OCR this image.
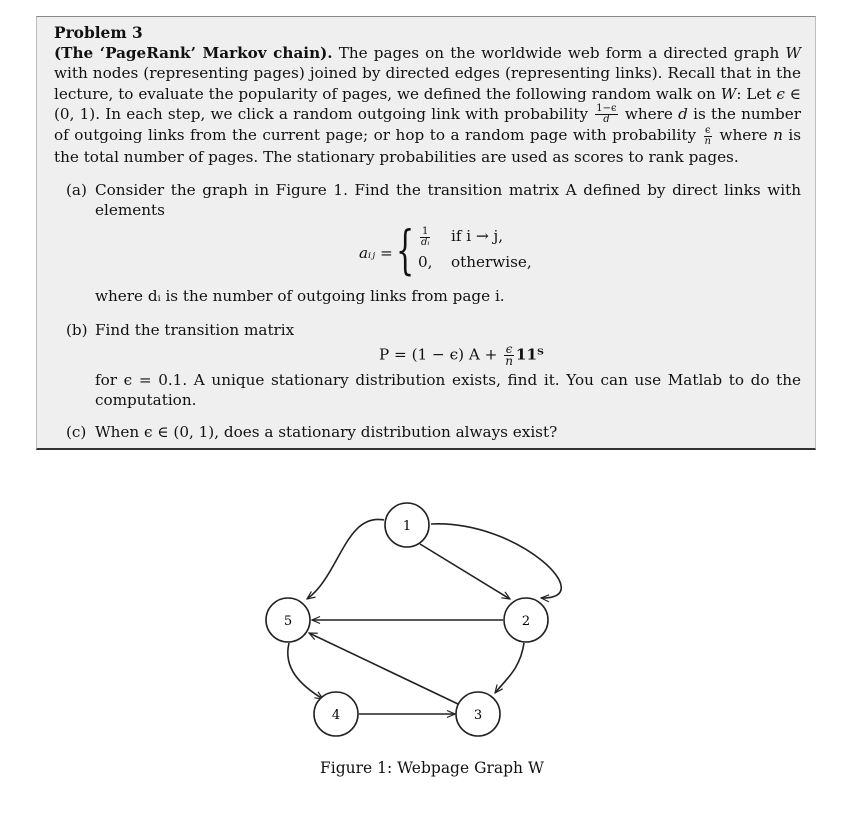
Problem 3

(The ‘PageRank’ Markov chain). The pages on the worldwide web form a directed graph W with nodes (representing pages) joined by directed edges (representing links). Recall that in the lecture, to evaluate the popularity of pages, we defined the following random walk on W: Let ϵ ∈ (0, 1). In each step, we click a random outgoing link with probability $\frac{1-\epsilon}{d}$ where d is the number of outgoing links from the current page; or hop to a random page with probability $\frac{\epsilon}{n}$ where n is the total number of pages. The stationary probabilities are used as scores to rank pages.

(a) Consider the graph in Figure 1. Find the transition matrix A defined by direct links with elements
aᵢⱼ = { $\frac{1}{\text{dᵢ}}$ if i → j,
0, otherwise,
where dᵢ is the number of outgoing links from page i.
(b) Find the transition matrix
P = (1 − ϵ) $A + \frac{\epsilon}{n}$ 𝟏𝟏ᵀ
for ϵ = 0.1. A unique stationary distribution exists, find it. You can use Matlab to do the computation.
(c) When ϵ ∈ (0, 1), does a stationary distribution always exist?
1
2
3
4
5
Figure 1: Webpage Graph W
